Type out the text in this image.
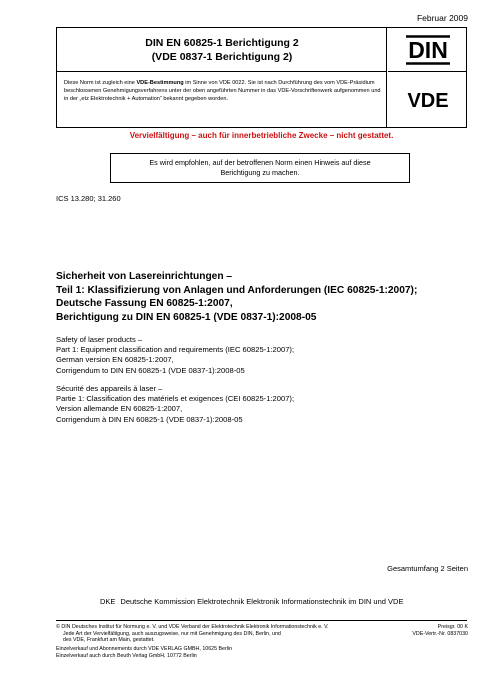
Februar 2009
DIN EN 60825-1 Berichtigung 2
(VDE 0837-1 Berichtigung 2)
Diese Norm ist zugleich eine VDE-Bestimmung im Sinne von VDE 0022. Sie ist nach Durchführung des vom VDE-Präsidium beschlossenen Genehmigungsverfahrens unter der oben angeführten Nummer in das VDE-Vorschriftenwerk aufgenommen und in der „etz Elektrotechnik + Automation“ bekannt gegeben worden.
DIN
VDE
Vervielfältigung – auch für innerbetriebliche Zwecke – nicht gestattet.
Es wird empfohlen, auf der betroffenen Norm einen Hinweis auf diese
Berichtigung zu machen.
ICS 13.280; 31.260
Sicherheit von Lasereinrichtungen –
Teil 1: Klassifizierung von Anlagen und Anforderungen (IEC 60825-1:2007);
Deutsche Fassung EN 60825-1:2007,
Berichtigung zu DIN EN 60825-1 (VDE 0837-1):2008-05
Safety of laser products –
Part 1: Equipment classification and requirements (IEC 60825-1:2007);
German version EN 60825-1:2007,
Corrigendum to DIN EN 60825-1 (VDE 0837-1):2008-05
Sécurité des appareils à laser –
Partie 1: Classification des matériels et exigences (CEI 60825-1:2007);
Version allemande EN 60825-1:2007,
Corrigendum à DIN EN 60825-1 (VDE 0837-1):2008-05
Gesamtumfang 2 Seiten
DKE Deutsche Kommission Elektrotechnik Elektronik Informationstechnik im DIN und VDE
© DIN Deutsches Institut für Normung e. V. und VDE Verband der Elektrotechnik Elektronik Informationstechnik e. V.
Jede Art der Vervielfältigung, auch auszugsweise, nur mit Genehmigung des DIN, Berlin, und
des VDE, Frankfurt am Main, gestattet.
Preisgr. 00 K
VDE-Vertr.-Nr. 0837030
Einzelverkauf und Abonnements durch VDE VERLAG GMBH, 10625 Berlin
Einzelverkauf auch durch Beuth Verlag GmbH, 10772 Berlin
